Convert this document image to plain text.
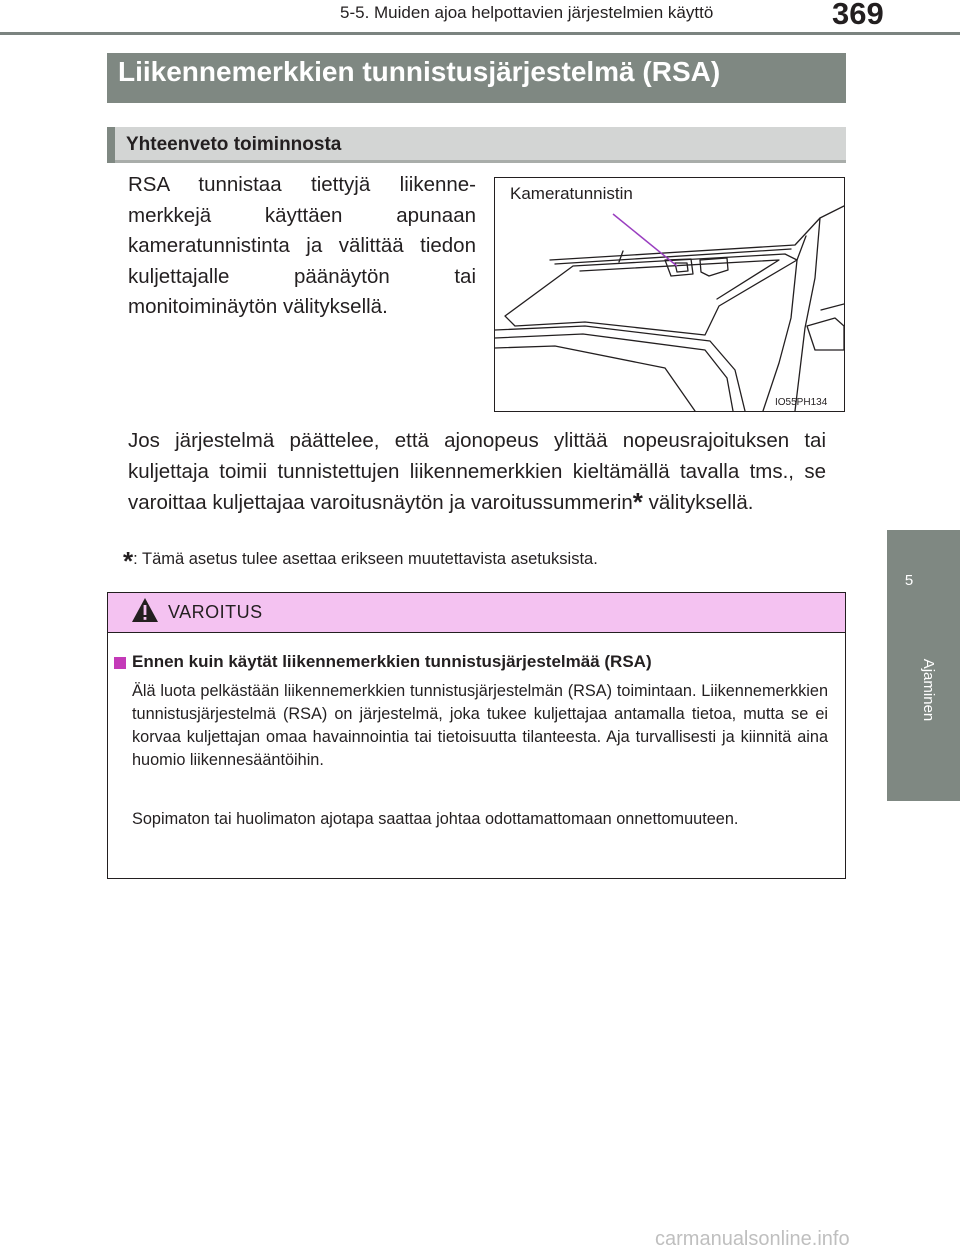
5-5. Muiden ajoa helpottavien järjestelmien käyttö	369
5
Ajaminen
Liikennemerkkien tunnistusjärjestelmä (RSA)
Yhteenveto toiminnosta
RSA tunnistaa tiettyjä liikennemerkkejä käyttäen apunaan kameratunnistinta ja välittää tiedon kuljettajalle päänäytön tai monitoiminäytön välityksellä.
Kameratunnistin
IO55PH134
Jos järjestelmä päättelee, että ajonopeus ylittää nopeusrajoituksen tai kuljettaja toimii tunnistettujen liikennemerkkien kieltämällä tavalla tms., se varoittaa kuljettajaa varoitusnäytön ja varoitussummerin* välityksellä.
*: Tämä asetus tulee asettaa erikseen muutettavista asetuksista.
VAROITUS
Ennen kuin käytät liikennemerkkien tunnistusjärjestelmää (RSA)
Älä luota pelkästään liikennemerkkien tunnistusjärjestelmän (RSA) toimintaan. Liikennemerkkien tunnistusjärjestelmä (RSA) on järjestelmä, joka tukee kuljettajaa antamalla tietoa, mutta se ei korvaa kuljettajan omaa havainnointia tai tietoisuutta tilanteesta. Aja turvallisesti ja kiinnitä aina huomio liikennesääntöihin.
Sopimaton tai huolimaton ajotapa saattaa johtaa odottamattomaan onnettomuuteen.
carmanualsonline.info
